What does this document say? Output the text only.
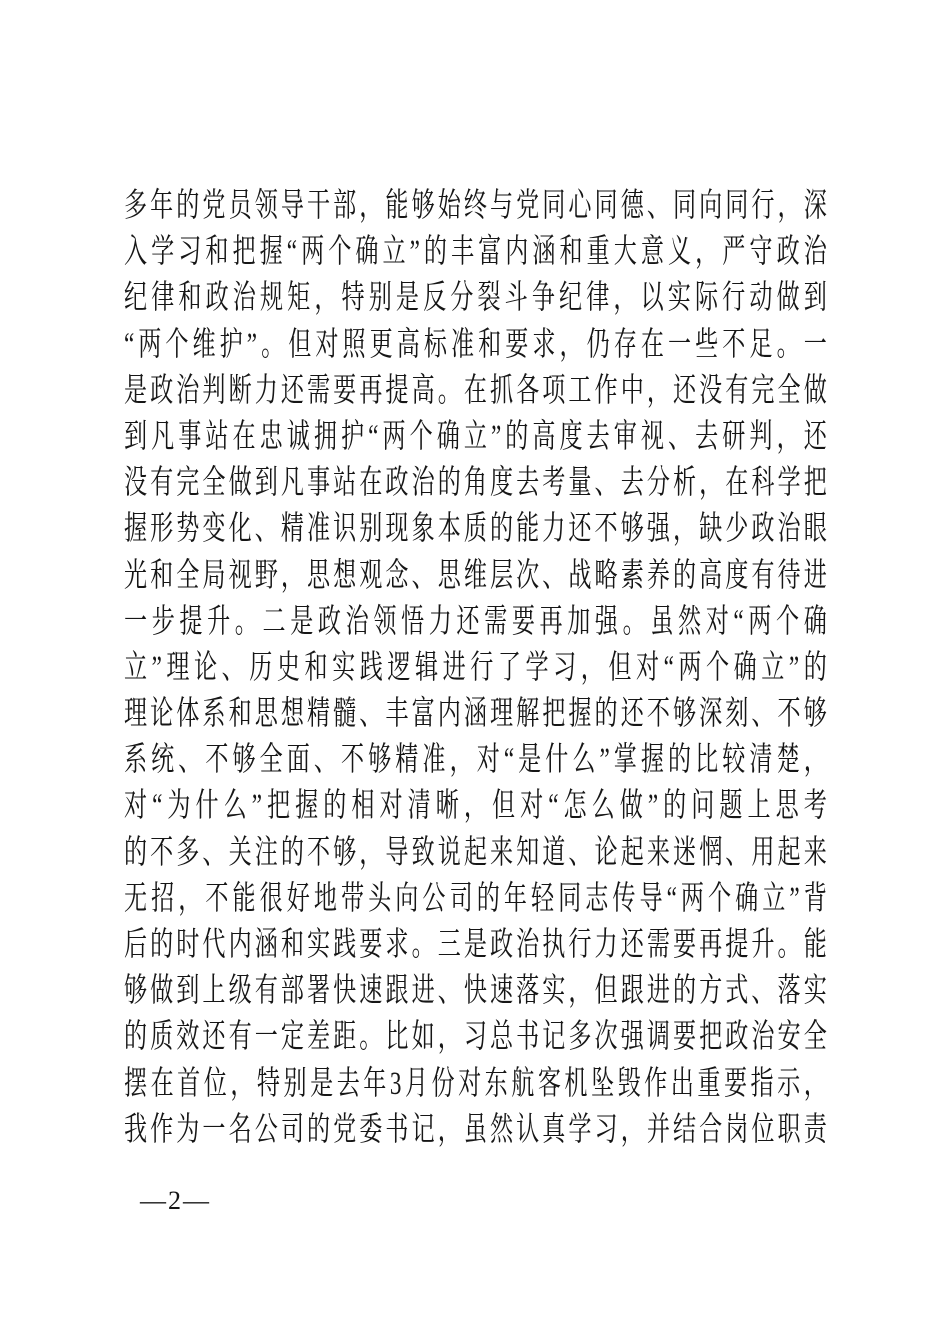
多年的党员领导干部，能够始终与党同心同德、同向同行，深
入学习和把握“两个确立”的丰富内涵和重大意义，严守政治
纪律和政治规矩，特别是反分裂斗争纪律，以实际行动做到
“两个维护”。但对照更高标准和要求，仍存在一些不足。一
是政治判断力还需要再提高。在抓各项工作中，还没有完全做
到凡事站在忠诚拥护“两个确立”的高度去审视、去研判，还
没有完全做到凡事站在政治的角度去考量、去分析，在科学把
握形势变化、精准识别现象本质的能力还不够强，缺少政治眼
光和全局视野，思想观念、思维层次、战略素养的高度有待进
一步提升。二是政治领悟力还需要再加强。虽然对“两个确
立”理论、历史和实践逻辑进行了学习，但对“两个确立”的
理论体系和思想精髓、丰富内涵理解把握的还不够深刻、不够
系统、不够全面、不够精准，对“是什么”掌握的比较清楚，
对“为什么”把握的相对清晰，但对“怎么做”的问题上思考
的不多、关注的不够，导致说起来知道、论起来迷惘、用起来
无招，不能很好地带头向公司的年轻同志传导“两个确立”背
后的时代内涵和实践要求。三是政治执行力还需要再提升。能
够做到上级有部署快速跟进、快速落实，但跟进的方式、落实
的质效还有一定差距。比如，习总书记多次强调要把政治安全
摆在首位，特别是去年3月份对东航客机坠毁作出重要指示，
我作为一名公司的党委书记，虽然认真学习，并结合岗位职责
—2—
